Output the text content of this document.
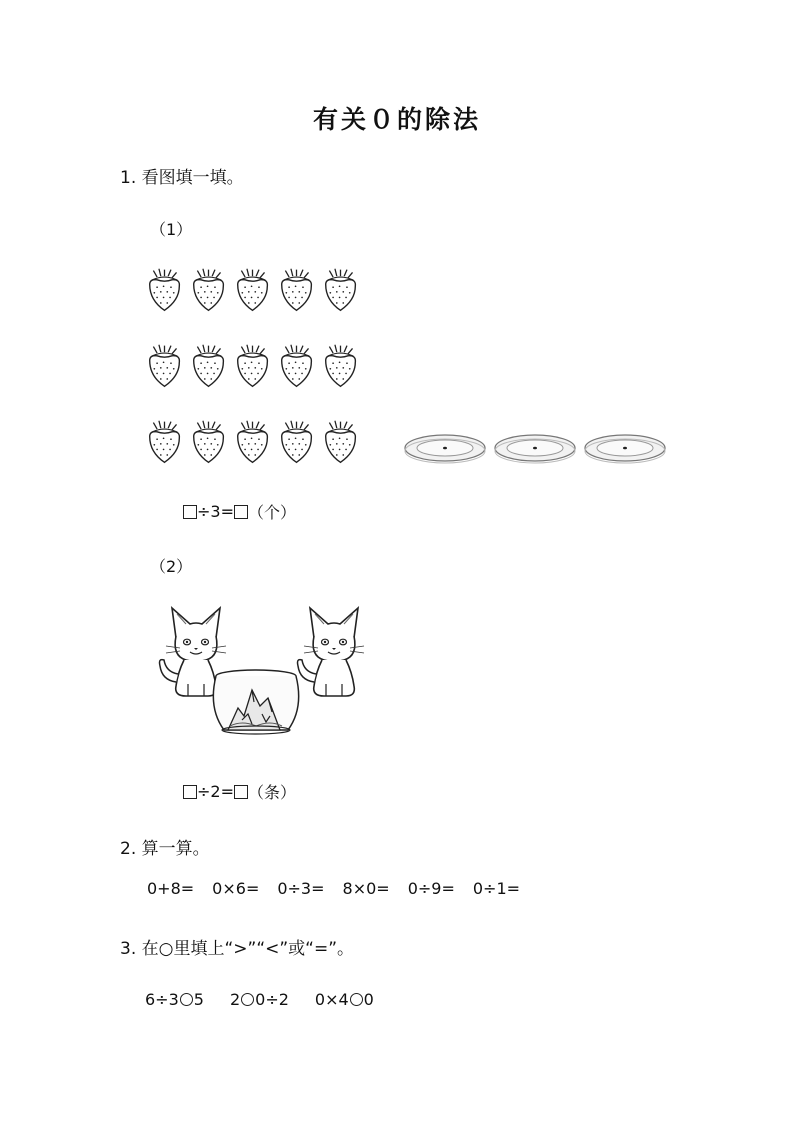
有关０的除法
1. 看图填一填。
（1）
÷3= （个）
（2）
÷2= （条）
2. 算一算。
0+8= 0×6= 0÷3= 8×0= 0÷9= 0÷1=
3. 在○里填上“>”“<”或“=”。
6÷3 5 2 0÷2 0×4 0
